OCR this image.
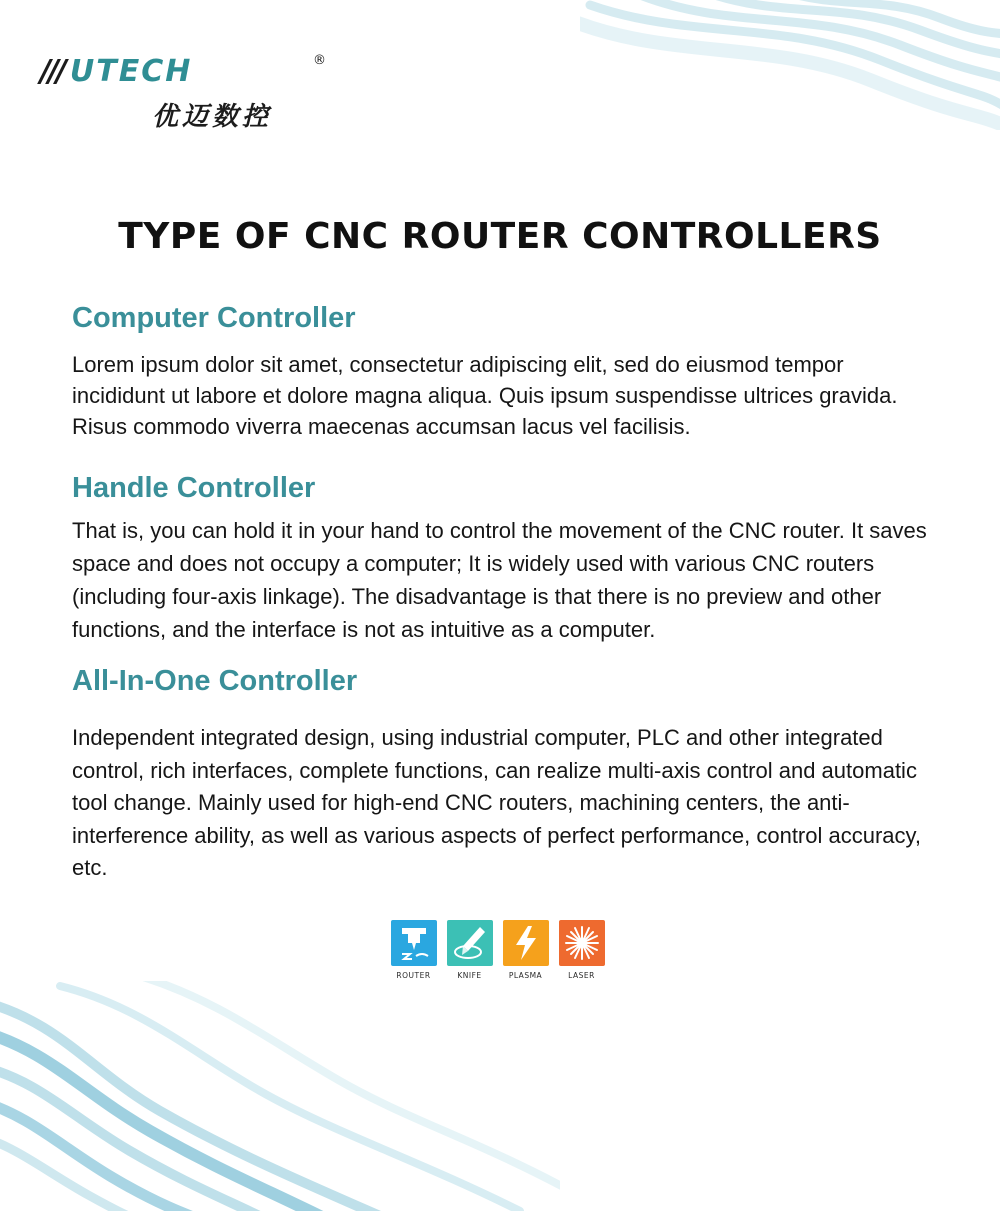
/// UTECH	®
优迈数控
TYPE OF CNC ROUTER CONTROLLERS
Computer Controller

Lorem ipsum dolor sit amet, consectetur adipiscing elit, sed do eiusmod tempor incididunt ut labore et dolore magna aliqua. Quis ipsum suspendisse ultrices gravida. Risus commodo viverra maecenas accumsan lacus vel facilisis.

Handle Controller

That is, you can hold it in your hand to control the movement of the CNC router. It saves space and does not occupy a computer; It is widely used with various CNC routers (including four-axis linkage). The disadvantage is that there is no preview and other functions, and the interface is not as intuitive as a computer.

All-In-One Controller

Independent integrated design, using industrial computer, PLC and other integrated control, rich interfaces, complete functions, can realize multi-axis control and automatic tool change. Mainly used for high-end CNC routers, machining centers, the anti-interference ability, as well as various aspects of perfect performance, control accuracy, etc.

ROUTER	KNIFE	PLASMA	LASER
